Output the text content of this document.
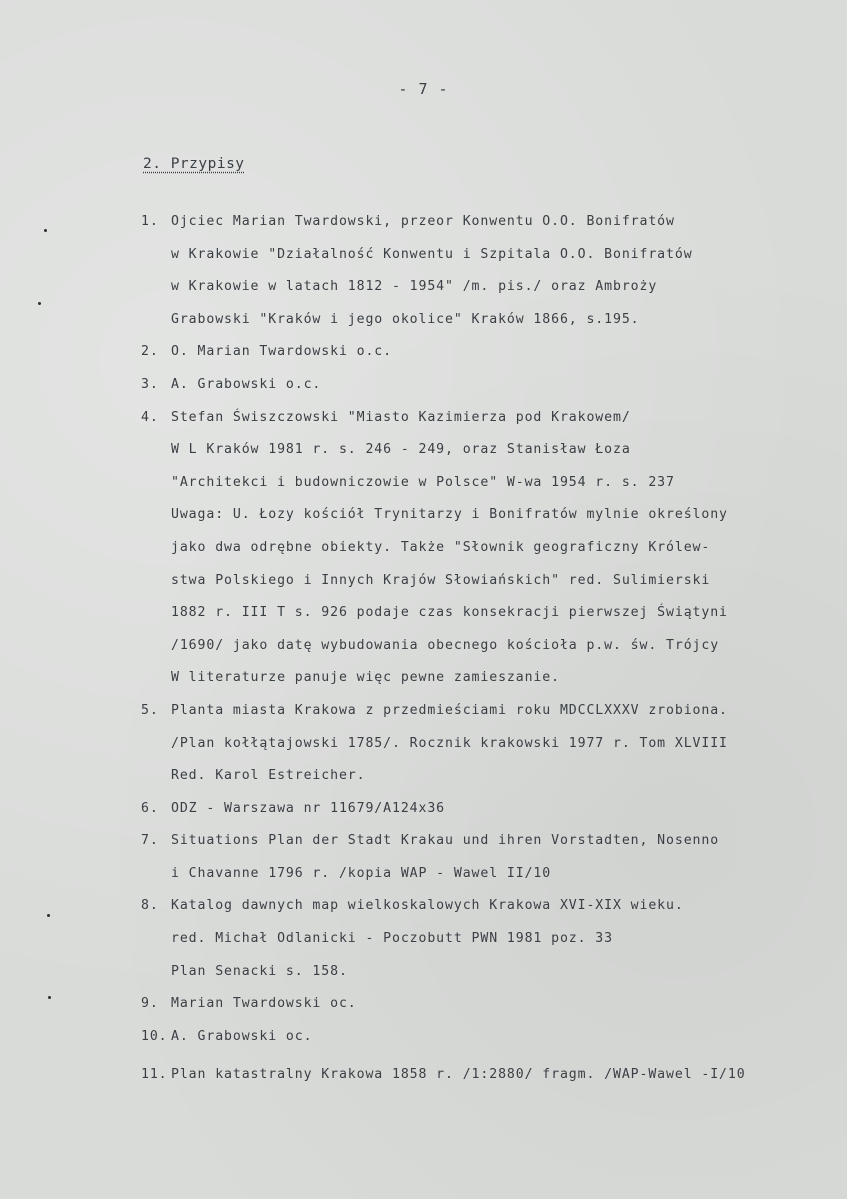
- 7 -
2. Przypisy
1. Ojciec Marian Twardowski, przeor Konwentu O.O. Bonifratów
w Krakowie "Działalność Konwentu i Szpitala O.O. Bonifratów
w Krakowie w latach 1812 - 1954" /m. pis./ oraz Ambroży
Grabowski "Kraków i jego okolice" Kraków 1866, s.195.
2. O. Marian Twardowski o.c.
3. A. Grabowski o.c.
4. Stefan Świszczowski "Miasto Kazimierza pod Krakowem/
W L Kraków 1981 r. s. 246 - 249, oraz Stanisław Łoza
"Architekci i budowniczowie w Polsce" W-wa 1954 r. s. 237
Uwaga: U. Łozy kościół Trynitarzy i Bonifratów mylnie określony
jako dwa odrębne obiekty. Także "Słownik geograficzny Królew-
stwa Polskiego i Innych Krajów Słowiańskich" red. Sulimierski
1882 r. III T s. 926 podaje czas konsekracji pierwszej Świątyni
/1690/ jako datę wybudowania obecnego kościoła p.w. św. Trójcy
W literaturze panuje więc pewne zamieszanie.
5. Planta miasta Krakowa z przedmieściami roku MDCCLXXXV zrobiona.
/Plan kołłątajowski 1785/. Rocznik krakowski 1977 r. Tom XLVIII
Red. Karol Estreicher.
6. ODZ - Warszawa nr 11679/A124x36
7. Situations Plan der Stadt Krakau und ihren Vorstadten, Nosenno
i Chavanne 1796 r. /kopia WAP - Wawel II/10
8. Katalog dawnych map wielkoskalowych Krakowa XVI-XIX wieku.
red. Michał Odlanicki - Poczobutt PWN 1981 poz. 33
Plan Senacki s. 158.
9. Marian Twardowski oc.
10. A. Grabowski oc.
11. Plan katastralny Krakowa 1858 r. /1:2880/ fragm. /WAP-Wawel -I/10
